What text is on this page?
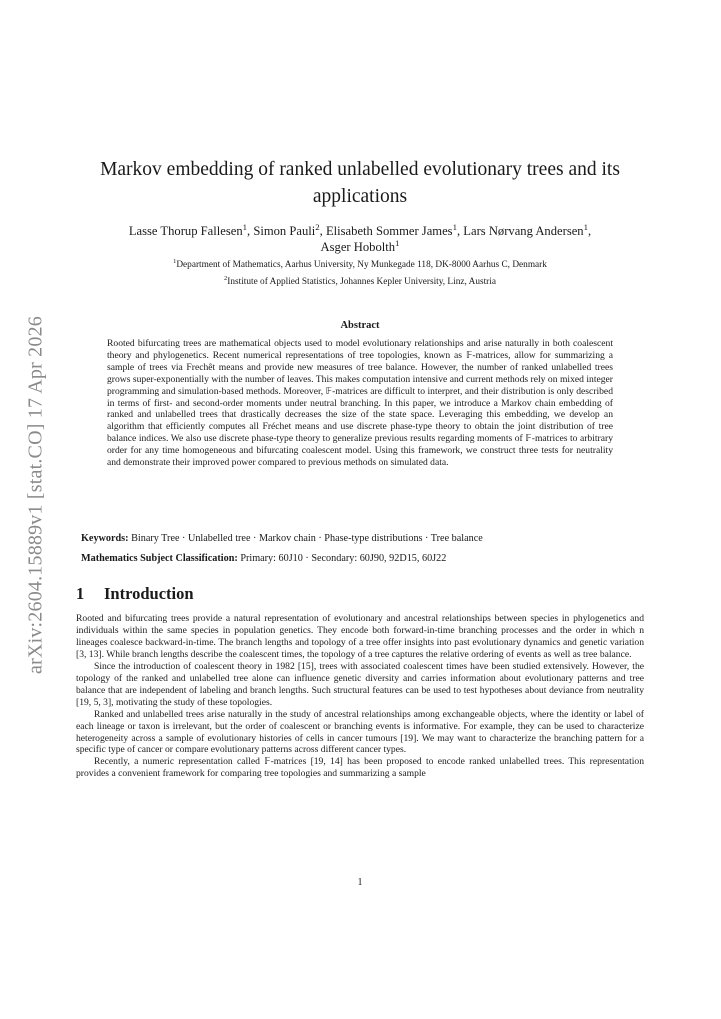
arXiv:2604.15889v1 [stat.CO] 17 Apr 2026
Markov embedding of ranked unlabelled evolutionary trees and its
applications
Lasse Thorup Fallesen$^1$, Simon Pauli$^2$, Elisabeth Sommer James$^1$, Lars Nørvang Andersen$^1$,
Asger Hobolth$^1$
$^1$Department of Mathematics, Aarhus University, Ny Munkegade 118, DK-8000 Aarhus C, Denmark
$^2$Institute of Applied Statistics, Johannes Kepler University, Linz, Austria
Abstract

Rooted bifurcating trees are mathematical objects used to model evolutionary relationships and arise naturally in both coalescent theory and phylogenetics. Recent numerical representations of tree topologies, known as 𝔽-matrices, allow for summarizing a sample of trees via Frechêt means and provide new measures of tree balance. However, the number of ranked unlabelled trees grows super-exponentially with the number of leaves. This makes computation intensive and current methods rely on mixed integer programming and simulation-based methods. Moreover, 𝔽-matrices are difficult to interpret, and their distribution is only described in terms of first- and second-order moments under neutral branching. In this paper, we introduce a Markov chain embedding of ranked and unlabelled trees that drastically decreases the size of the state space. Leveraging this embedding, we develop an algorithm that efficiently computes all Fréchet means and use discrete phase-type theory to obtain the joint distribution of tree balance indices. We also use discrete phase-type theory to generalize previous results regarding moments of 𝔽-matrices to arbitrary order for any time homogeneous and bifurcating coalescent model. Using this framework, we construct three tests for neutrality and demonstrate their improved power compared to previous methods on simulated data.

Keywords: Binary Tree · Unlabelled tree · Markov chain · Phase-type distributions · Tree balance
Mathematics Subject Classification: Primary: 60J10 · Secondary: 60J90, 92D15, 60J22
1 Introduction

Rooted and bifurcating trees provide a natural representation of evolutionary and ancestral relationships between species in phylogenetics and individuals within the same species in population genetics. They encode both forward-in-time branching processes and the order in which n lineages coalesce backward-in-time. The branch lengths and topology of a tree offer insights into past evolutionary dynamics and genetic variation [3, 13]. While branch lengths describe the coalescent times, the topology of a tree captures the relative ordering of events as well as tree balance.

Since the introduction of coalescent theory in 1982 [15], trees with associated coalescent times have been studied extensively. However, the topology of the ranked and unlabelled tree alone can influence genetic diversity and carries information about evolutionary patterns and tree balance that are independent of labeling and branch lengths. Such structural features can be used to test hypotheses about deviance from neutrality [19, 5, 3], motivating the study of these topologies.

Ranked and unlabelled trees arise naturally in the study of ancestral relationships among exchangeable objects, where the identity or label of each lineage or taxon is irrelevant, but the order of coalescent or branching events is informative. For example, they can be used to characterize heterogeneity across a sample of evolutionary histories of cells in cancer tumours [19]. We may want to characterize the branching pattern for a specific type of cancer or compare evolutionary patterns across different cancer types.

Recently, a numeric representation called 𝔽-matrices [19, 14] has been proposed to encode ranked unlabelled trees. This representation provides a convenient framework for comparing tree topologies and summarizing a sample

1
